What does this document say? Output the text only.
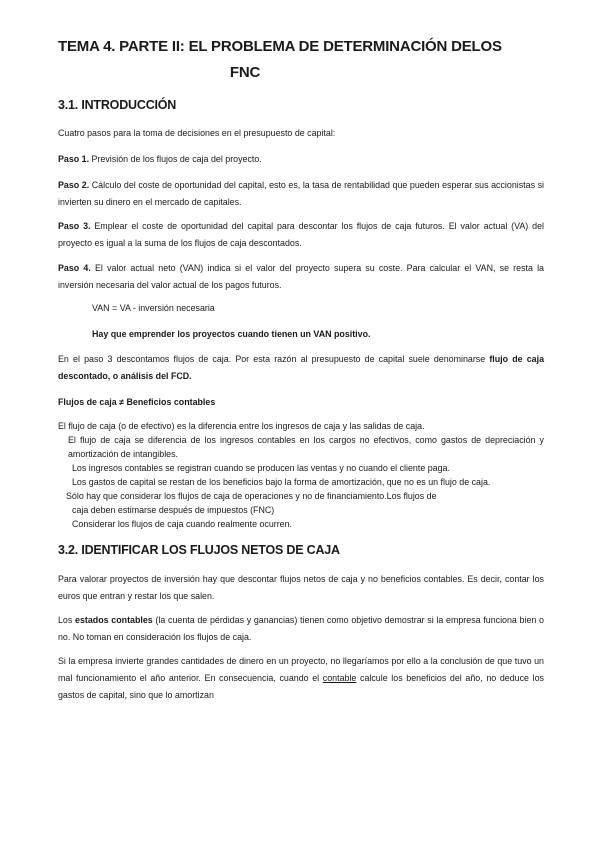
TEMA 4. PARTE II: EL PROBLEMA DE DETERMINACIÓN DELOS
FNC
3.1. INTRODUCCIÓN

Cuatro pasos para la toma de decisiones en el presupuesto de capital:

Paso 1. Previsión de los flujos de caja del proyecto.

Paso 2. Cálculo del coste de oportunidad del capital, esto es, la tasa de rentabilidad que pueden esperar sus accionistas si invierten su dinero en el mercado de capitales.

Paso 3. Emplear el coste de oportunidad del capital para descontar los flujos de caja futuros. El valor actual (VA) del proyecto es igual a la suma de los flujos de caja descontados.

Paso 4. El valor actual neto (VAN) indica si el valor del proyecto supera su coste. Para calcular el VAN, se resta la inversión necesaria del valor actual de los pagos futuros.

VAN = VA - inversión necesaria

Hay que emprender los proyectos cuando tienen un VAN positivo.

En el paso 3 descontamos flujos de caja. Por esta razón al presupuesto de capital suele denominarse flujo de caja descontado, o análisis del FCD.

Flujos de caja ≠ Beneficios contables

El flujo de caja (o de efectivo) es la diferencia entre los ingresos de caja y las salidas de caja.

El flujo de caja se diferencia de los ingresos contables en los cargos no efectivos, como gastos de depreciación y amortización de intangibles.

Los ingresos contables se registran cuando se producen las ventas y no cuando el cliente paga.

Los gastos de capital se restan de los beneficios bajo la forma de amortización, que no es un flujo de caja.

Sólo hay que considerar los flujos de caja de operaciones y no de financiamiento.Los flujos de

caja deben estimarse después de impuestos (FNC)

Considerar los flujos de caja cuando realmente ocurren.

3.2. IDENTIFICAR LOS FLUJOS NETOS DE CAJA

Para valorar proyectos de inversión hay que descontar flujos netos de caja y no beneficios contables. Es decir, contar los euros que entran y restar los que salen.

Los estados contables (la cuenta de pérdidas y ganancias) tienen como objetivo demostrar si la empresa funciona bien o no. No toman en consideración los flujos de caja.

Si la empresa invierte grandes cantidades de dinero en un proyecto, no llegaríamos por ello a la conclusión de que tuvo un mal funcionamiento el año anterior. En consecuencia, cuando el contable calcule los beneficios del año, no deduce los gastos de capital, sino que lo amortizan
